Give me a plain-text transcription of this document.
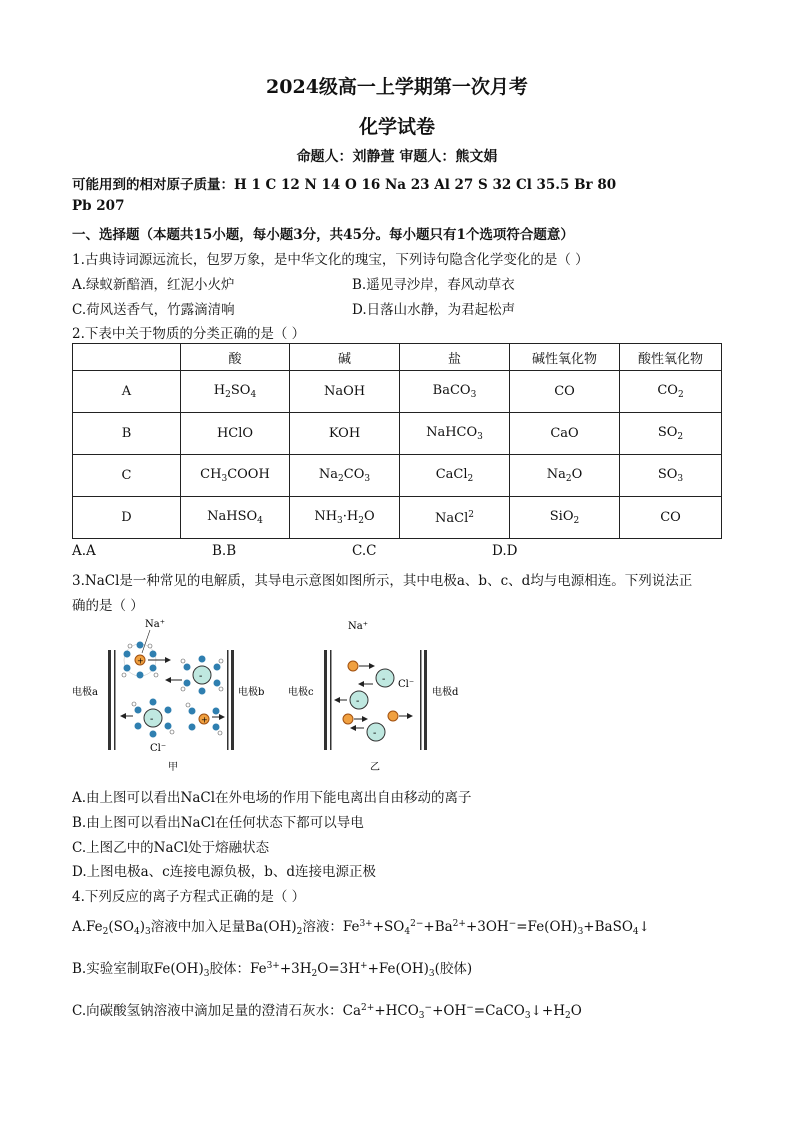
2024级高一上学期第一次月考
化学试卷
命题人：刘静萱 审题人：熊文娟
可能用到的相对原子质量：H 1 C 12 N 14 O 16 Na 23 Al 27 S 32 Cl 35.5 Br 80
Pb 207
一、选择题（本题共15小题，每小题3分，共45分。每小题只有1个选项符合题意）
1.古典诗词源远流长，包罗万象，是中华文化的瑰宝，下列诗句隐含化学变化的是（ ）
A.绿蚁新醅酒，红泥小火炉	B.遥见寻沙岸，春风动草衣
C.荷风送香气，竹露滴清响	D.日落山水静，为君起松声
2.下表中关于物质的分类正确的是（ ）
	酸	碱	盐	碱性氧化物	酸性氧化物
A	$H_2SO_4$	NaOH	BaCO$_3$	CO	$CO_2$
B	HClO	KOH	NaHCO$_3$	CaO	$SO_2$
C	$CH_3COOH$	$Na_2CO_3$	CaCl$_2$	$Na_2O$	$SO_3$
D	NaHSO$_4$	$NH_3\cdot H_2O$	NaCl$^2$	SiO$_2$	CO
A.A	B.B	C.C	D.D
3.NaCl是一种常见的电解质，其导电示意图如图所示，其中电极a、b、c、d均与电源相连。下列说法正
确的是（ ）
电极a	电极b
+
Na⁺
-
-
Cl⁻
+
甲
电极c	电极d
Na⁺
- Cl⁻
-
-
乙
A.由上图可以看出NaCl在外电场的作用下能电离出自由移动的离子
B.由上图可以看出NaCl在任何状态下都可以导电
C.上图乙中的NaCl处于熔融状态
D.上图电极a、c连接电源负极，b、d连接电源正极
4.下列反应的离子方程式正确的是（ ）
$A.Fe_2(SO_4)_3$溶液中加入足量$Ba(OH)_2$溶液：$Fe^{3+}+SO_4^{2-}+Ba^{2+}+3OH^-=Fe(OH)_3+BaSO_4↓$
B.实验室制取$Fe(OH)_3$胶体：$Fe^{3+}+3H_2O=3H^++Fe(OH)_3$(胶体)
C.向碳酸氢钠溶液中滴加足量的澄清石灰水：$Ca^{2+}+HCO_3^-+OH^-=CaCO_3↓+H_2O$
